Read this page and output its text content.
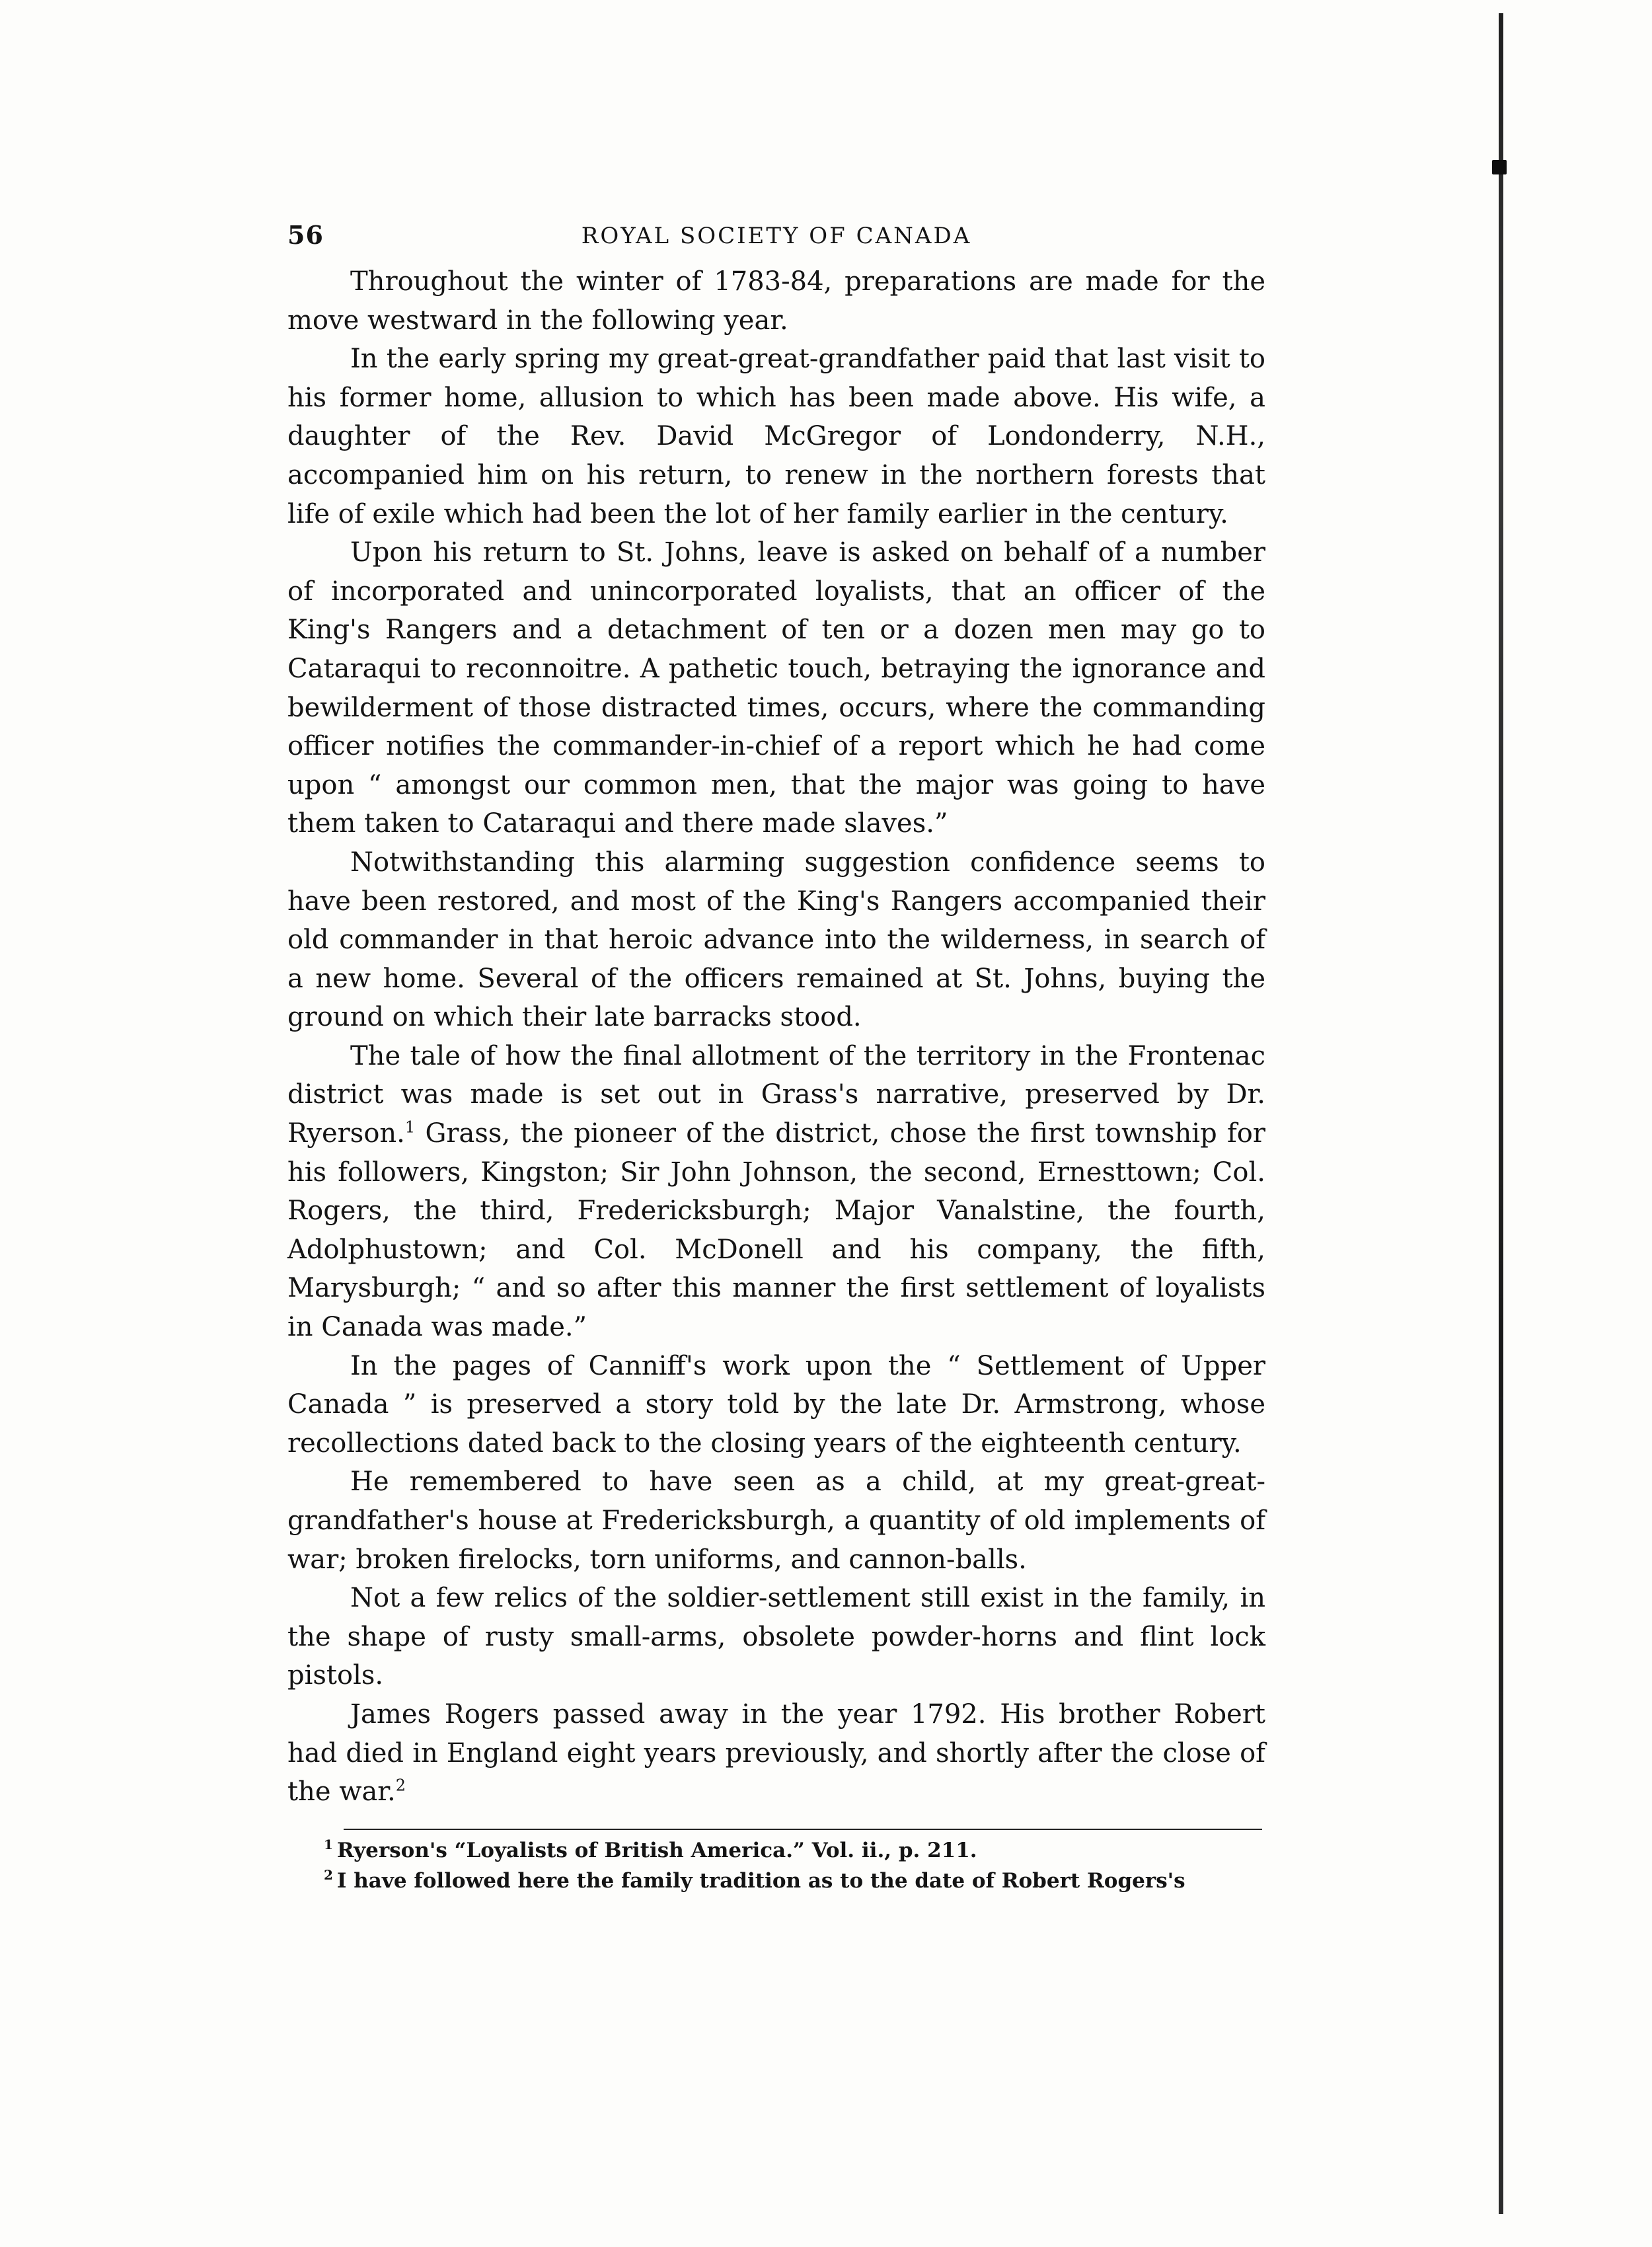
56	ROYAL SOCIETY OF CANADA

Throughout the winter of 1783-84, preparations are made for the move westward in the following year.

In the early spring my great-great-grandfather paid that last visit to his former home, allusion to which has been made above. His wife, a daughter of the Rev. David McGregor of Londonderry, N.H., accompanied him on his return, to renew in the northern forests that life of exile which had been the lot of her family earlier in the century.

Upon his return to St. Johns, leave is asked on behalf of a number of incorporated and unincorporated loyalists, that an officer of the King's Rangers and a detachment of ten or a dozen men may go to Cataraqui to reconnoitre. A pathetic touch, betraying the ignorance and bewilderment of those distracted times, occurs, where the commanding officer notifies the commander-in-chief of a report which he had come upon “ amongst our common men, that the major was going to have them taken to Cataraqui and there made slaves.”

Notwithstanding this alarming suggestion confidence seems to have been restored, and most of the King's Rangers accompanied their old commander in that heroic advance into the wilderness, in search of a new home. Several of the officers remained at St. Johns, buying the ground on which their late barracks stood.

The tale of how the final allotment of the territory in the Frontenac district was made is set out in Grass's narrative, preserved by Dr. Ryerson.$^1$ Grass, the pioneer of the district, chose the first township for his followers, Kingston; Sir John Johnson, the second, Ernesttown; Col. Rogers, the third, Fredericksburgh; Major Vanalstine, the fourth, Adolphustown; and Col. McDonell and his company, the fifth, Marysburgh; “ and so after this manner the first settlement of loyalists in Canada was made.”

In the pages of Canniff's work upon the “ Settlement of Upper Canada ” is preserved a story told by the late Dr. Armstrong, whose recollections dated back to the closing years of the eighteenth century.

He remembered to have seen as a child, at my great-great-grandfather's house at Fredericksburgh, a quantity of old implements of war; broken firelocks, torn uniforms, and cannon-balls.

Not a few relics of the soldier-settlement still exist in the family, in the shape of rusty small-arms, obsolete powder-horns and flint lock pistols.

James Rogers passed away in the year 1792. His brother Robert had died in England eight years previously, and shortly after the close of the war.$^2$

$^1$ Ryerson's “Loyalists of British America.” Vol. ii., p. 211.
$^2$ I have followed here the family tradition as to the date of Robert Rogers's
